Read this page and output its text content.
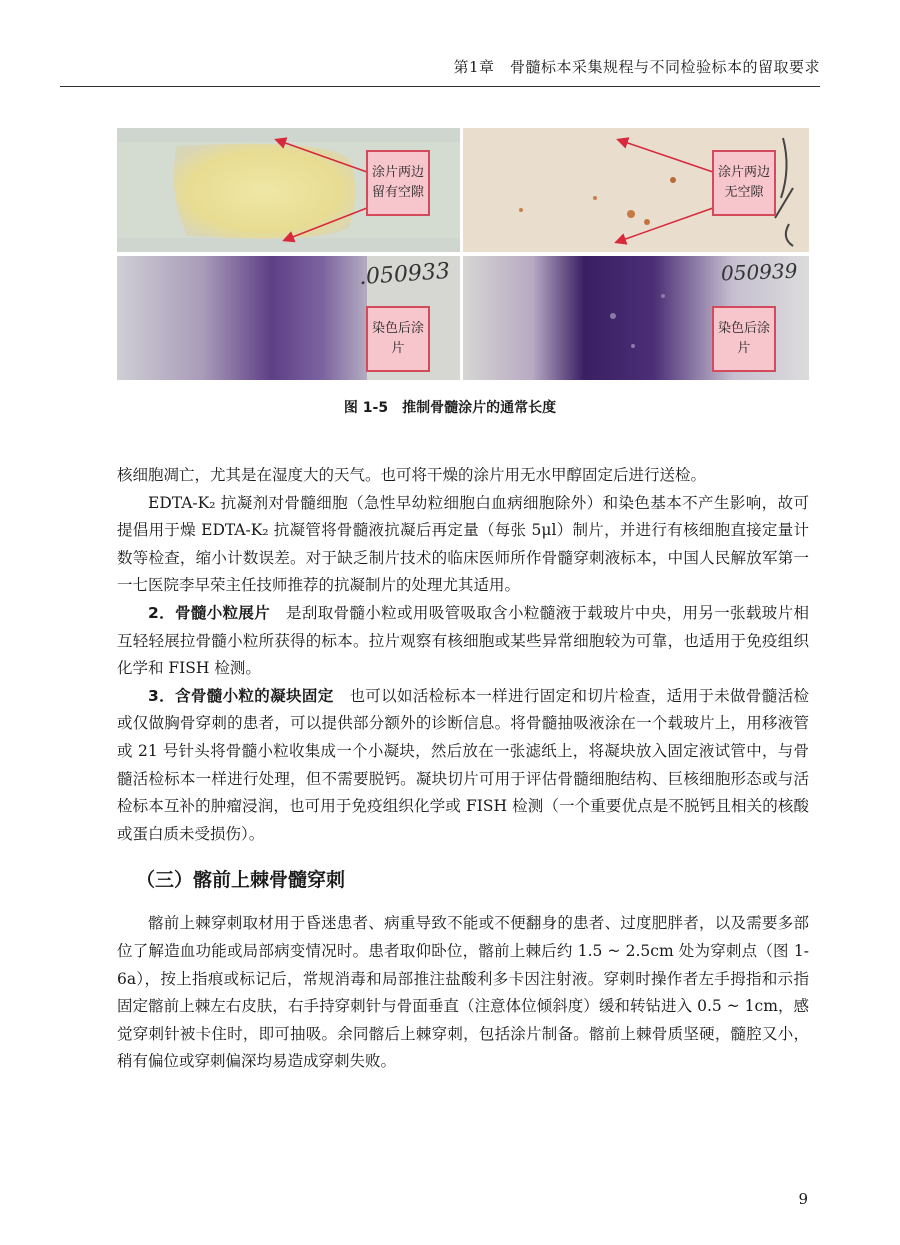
第1章　骨髓标本采集规程与不同检验标本的留取要求
.050933	050939
涂片两边留有空隙
涂片两边无空隙
染色后涂片
染色后涂片
图 1-5　推制骨髓涂片的通常长度

核细胞凋亡，尤其是在湿度大的天气。也可将干燥的涂片用无水甲醇固定后进行送检。

EDTA-K₂ 抗凝剂对骨髓细胞（急性早幼粒细胞白血病细胞除外）和染色基本不产生影响，故可提倡用于燥 EDTA-K₂ 抗凝管将骨髓液抗凝后再定量（每张 5μl）制片，并进行有核细胞直接定量计数等检查，缩小计数误差。对于缺乏制片技术的临床医师所作骨髓穿刺液标本，中国人民解放军第一一七医院李早荣主任技师推荐的抗凝制片的处理尤其适用。

2．骨髓小粒展片　是刮取骨髓小粒或用吸管吸取含小粒髓液于载玻片中央，用另一张载玻片相互轻轻展拉骨髓小粒所获得的标本。拉片观察有核细胞或某些异常细胞较为可靠，也适用于免疫组织化学和 FISH 检测。

3．含骨髓小粒的凝块固定　也可以如活检标本一样进行固定和切片检查，适用于未做骨髓活检或仅做胸骨穿刺的患者，可以提供部分额外的诊断信息。将骨髓抽吸液涂在一个载玻片上，用移液管或 21 号针头将骨髓小粒收集成一个小凝块，然后放在一张滤纸上，将凝块放入固定液试管中，与骨髓活检标本一样进行处理，但不需要脱钙。凝块切片可用于评估骨髓细胞结构、巨核细胞形态或与活检标本互补的肿瘤浸润，也可用于免疫组织化学或 FISH 检测（一个重要优点是不脱钙且相关的核酸或蛋白质未受损伤）。

（三）髂前上棘骨髓穿刺

髂前上棘穿刺取材用于昏迷患者、病重导致不能或不便翻身的患者、过度肥胖者，以及需要多部位了解造血功能或局部病变情况时。患者取仰卧位，髂前上棘后约 1.5 ~ 2.5cm 处为穿刺点（图 1-6a），按上指痕或标记后，常规消毒和局部推注盐酸利多卡因注射液。穿刺时操作者左手拇指和示指固定髂前上棘左右皮肤，右手持穿刺针与骨面垂直（注意体位倾斜度）缓和转钻进入 0.5 ~ 1cm，感觉穿刺针被卡住时，即可抽吸。余同髂后上棘穿刺，包括涂片制备。髂前上棘骨质坚硬，髓腔又小，稍有偏位或穿刺偏深均易造成穿刺失败。

9
